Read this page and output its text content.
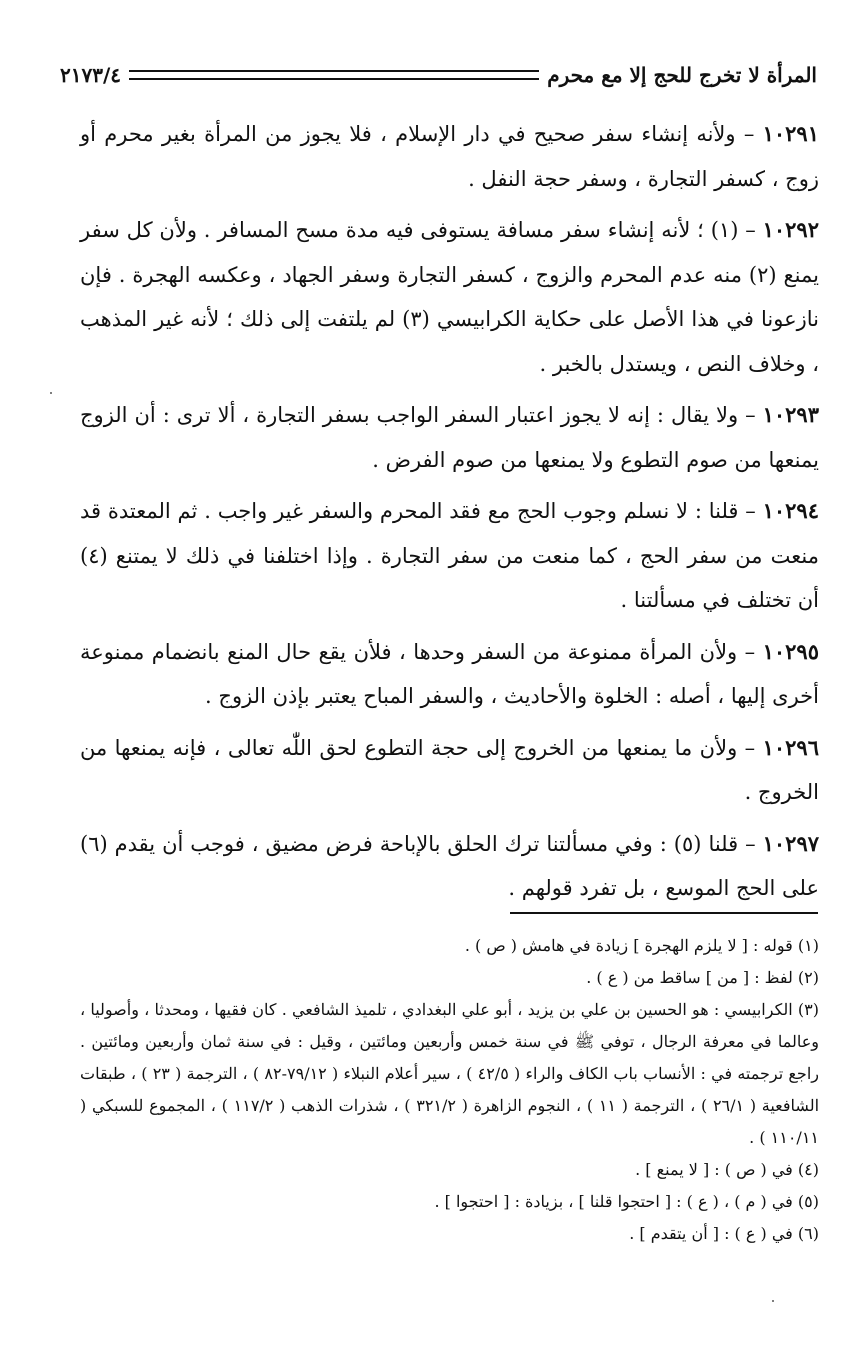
المرأة لا تخرج للحج إلا مع محرم
٢١٧٣/٤

١٠٢٩١ – ولأنه إنشاء سفر صحيح في دار الإسلام ، فلا يجوز من المرأة بغير محرم أو زوج ، كسفر التجارة ، وسفر حجة النفل .

١٠٢٩٢ – (١) ؛ لأنه إنشاء سفر مسافة يستوفى فيه مدة مسح المسافر . ولأن كل سفر يمنع (٢) منه عدم المحرم والزوج ، كسفر التجارة وسفر الجهاد ، وعكسه الهجرة . فإن نازعونا في هذا الأصل على حكاية الكرابيسي (٣) لم يلتفت إلى ذلك ؛ لأنه غير المذهب ، وخلاف النص ، ويستدل بالخبر .

١٠٢٩٣ – ولا يقال : إنه لا يجوز اعتبار السفر الواجب بسفر التجارة ، ألا ترى : أن الزوج يمنعها من صوم التطوع ولا يمنعها من صوم الفرض .

١٠٢٩٤ – قلنا : لا نسلم وجوب الحج مع فقد المحرم والسفر غير واجب . ثم المعتدة قد منعت من سفر الحج ، كما منعت من سفر التجارة . وإذا اختلفنا في ذلك لا يمتنع (٤) أن تختلف في مسألتنا .

١٠٢٩٥ – ولأن المرأة ممنوعة من السفر وحدها ، فلأن يقع حال المنع بانضمام ممنوعة أخرى إليها ، أصله : الخلوة والأحاديث ، والسفر المباح يعتبر بإذن الزوج .

١٠٢٩٦ – ولأن ما يمنعها من الخروج إلى حجة التطوع لحق اللّٰه تعالى ، فإنه يمنعها من الخروج .

١٠٢٩٧ – قلنا (٥) : وفي مسألتنا ترك الحلق بالإباحة فرض مضيق ، فوجب أن يقدم (٦) على الحج الموسع ، بل تفرد قولهم .

(١) قوله : [ لا يلزم الهجرة ] زيادة في هامش ( ص ) .

(٢) لفظ : [ من ] ساقط من ( ع ) .

(٣) الكرابيسي : هو الحسين بن علي بن يزيد ، أبو علي البغدادي ، تلميذ الشافعي . كان فقيها ، ومحدثا ، وأصوليا ، وعالما في معرفة الرجال ، توفي ﷺ في سنة خمس وأربعين ومائتين ، وقيل : في سنة ثمان وأربعين ومائتين . راجع ترجمته في : الأنساب باب الكاف والراء ( ٤٢/٥ ) ، سير أعلام النبلاء ( ٧٩/١٢-٨٢ ) ، الترجمة ( ٢٣ ) ، طبقات الشافعية ( ٢٦/١ ) ، الترجمة ( ١١ ) ، النجوم الزاهرة ( ٣٢١/٢ ) ، شذرات الذهب ( ١١٧/٢ ) ، المجموع للسبكي ( ١١٠/١١ ) .

(٤) في ( ص ) : [ لا يمنع ] .

(٥) في ( م ) ، ( ع ) : [ احتجوا قلنا ] ، بزيادة : [ احتجوا ] .

(٦) في ( ع ) : [ أن يتقدم ] .
